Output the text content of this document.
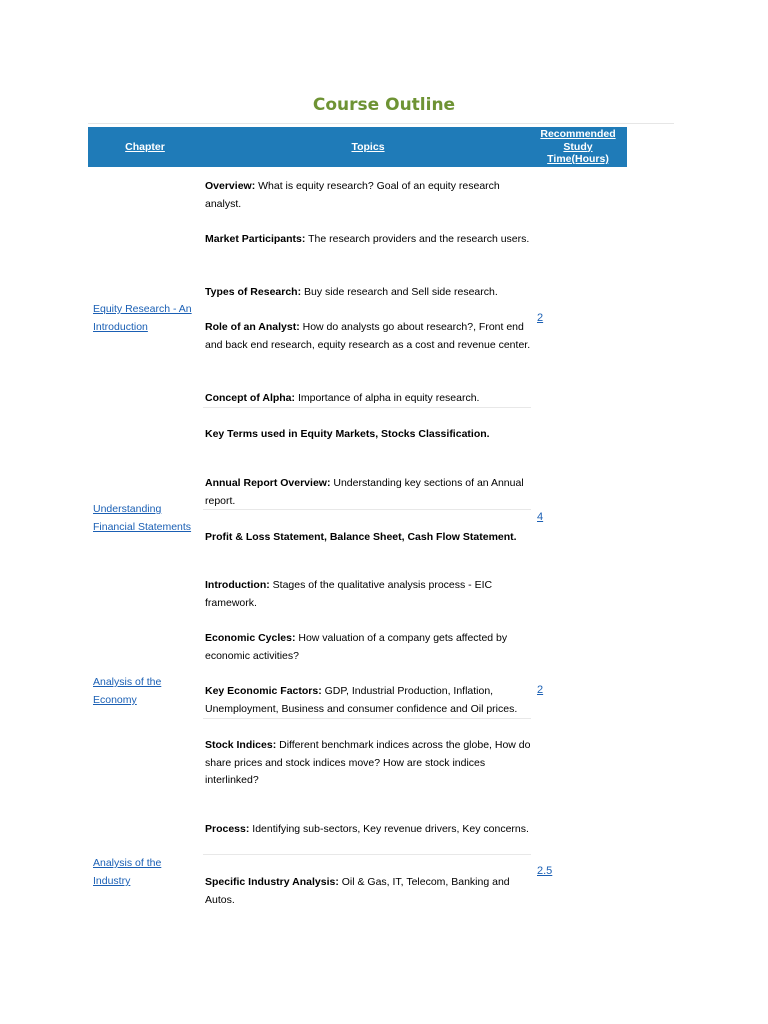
Course Outline
Chapter	Topics
Recommended Study Time(Hours)
Equity Research - An Introduction
2
Overview: What is equity research? Goal of an equity research analyst.
Market Participants: The research providers and the research users.
Types of Research: Buy side research and Sell side research.
Role of an Analyst: How do analysts go about research?, Front end and back end research, equity research as a cost and revenue center.
Concept of Alpha: Importance of alpha in equity research.
Key Terms used in Equity Markets, Stocks Classification.
Understanding Financial Statements
4
Annual Report Overview: Understanding key sections of an Annual report.
Profit & Loss Statement, Balance Sheet, Cash Flow Statement.
Analysis of the Economy
2
Introduction: Stages of the qualitative analysis process - EIC framework.
Economic Cycles: How valuation of a company gets affected by economic activities?
Key Economic Factors: GDP, Industrial Production, Inflation, Unemployment, Business and consumer confidence and Oil prices.
Stock Indices: Different benchmark indices across the globe, How do share prices and stock indices move? How are stock indices interlinked?
Analysis of the Industry
2.5
Process: Identifying sub-sectors, Key revenue drivers, Key concerns.
Specific Industry Analysis: Oil & Gas, IT, Telecom, Banking and Autos.
